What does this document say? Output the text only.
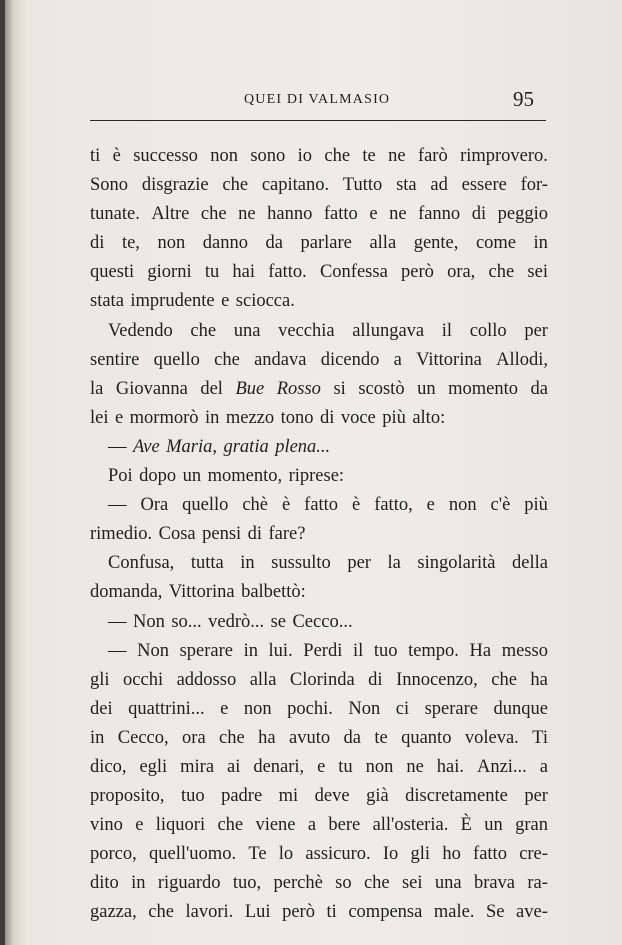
QUEI DI VALMASIO	95
ti è successo non sono io che te ne farò rimprovero.
Sono disgrazie che capitano. Tutto sta ad essere for-
tunate. Altre che ne hanno fatto e ne fanno di peggio
di te, non danno da parlare alla gente, come in
questi giorni tu hai fatto. Confessa però ora, che sei
stata imprudente e sciocca.
Vedendo che una vecchia allungava il collo per
sentire quello che andava dicendo a Vittorina Allodi,
la Giovanna del Bue Rosso si scostò un momento da
lei e mormorò in mezzo tono di voce più alto:
— Ave Maria, gratia plena...
Poi dopo un momento, riprese:
— Ora quello chè è fatto è fatto, e non c'è più
rimedio. Cosa pensi di fare?
Confusa, tutta in sussulto per la singolarità della
domanda, Vittorina balbettò:
— Non so... vedrò... se Cecco...
— Non sperare in lui. Perdi il tuo tempo. Ha messo
gli occhi addosso alla Clorinda di Innocenzo, che ha
dei quattrini... e non pochi. Non ci sperare dunque
in Cecco, ora che ha avuto da te quanto voleva. Ti
dico, egli mira ai denari, e tu non ne hai. Anzi... a
proposito, tuo padre mi deve già discretamente per
vino e liquori che viene a bere all'osteria. È un gran
porco, quell'uomo. Te lo assicuro. Io gli ho fatto cre-
dito in riguardo tuo, perchè so che sei una brava ra-
gazza, che lavori. Lui però ti compensa male. Se ave-
